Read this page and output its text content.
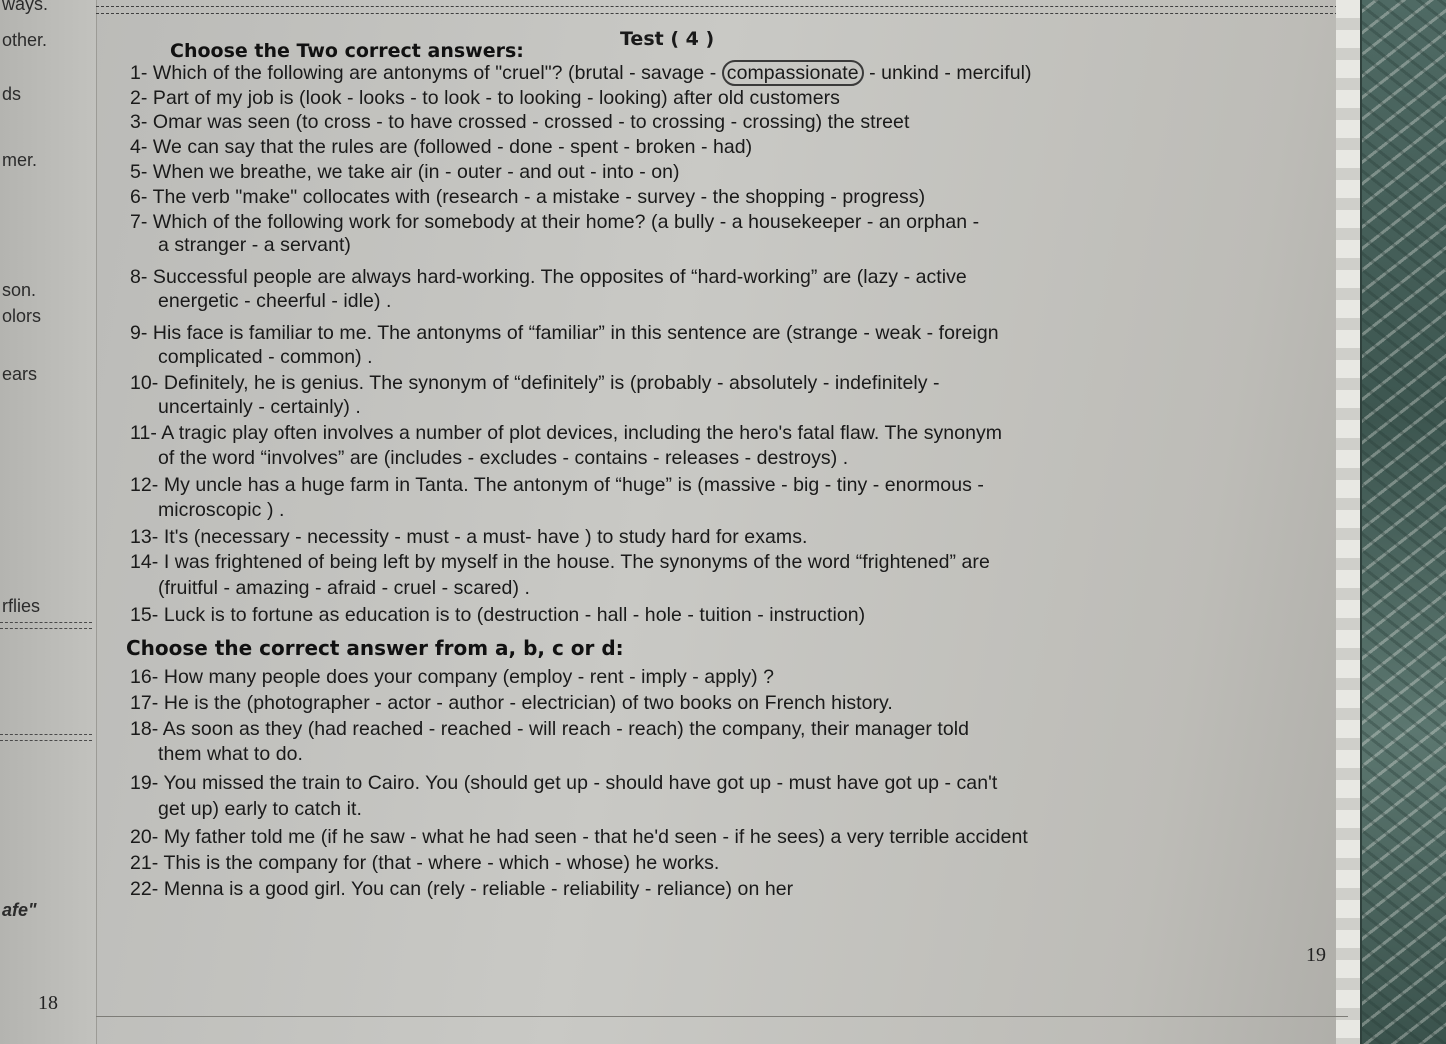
ways.
other.
ds
mer.
son.
olors
ears
rflies
afe"
18
Test ( 4 )
Choose the Two correct answers:
1- Which of the following are antonyms of "cruel"? (brutal - savage - compassionate - unkind - merciful)
2- Part of my job is (look - looks - to look - to looking - looking) after old customers
3- Omar was seen (to cross - to have crossed - crossed - to crossing - crossing) the street
4- We can say that the rules are (followed - done - spent - broken - had)
5- When we breathe, we take air (in - outer - and out - into - on)
6- The verb "make" collocates with (research - a mistake - survey - the shopping - progress)
7- Which of the following work for somebody at their home? (a bully - a housekeeper - an orphan -
a stranger - a servant)
8- Successful people are always hard-working. The opposites of “hard-working” are (lazy - active
energetic - cheerful - idle) .
9- His face is familiar to me. The antonyms of “familiar” in this sentence are (strange - weak - foreign
complicated - common) .
10- Definitely, he is genius. The synonym of “definitely” is (probably - absolutely - indefinitely -
uncertainly - certainly) .
11- A tragic play often involves a number of plot devices, including the hero's fatal flaw. The synonym
of the word “involves” are (includes - excludes - contains - releases - destroys) .
12- My uncle has a huge farm in Tanta. The antonym of “huge” is (massive - big - tiny - enormous -
microscopic ) .
13- It's (necessary - necessity - must - a must- have ) to study hard for exams.
14- I was frightened of being left by myself in the house. The synonyms of the word “frightened” are
(fruitful - amazing - afraid - cruel - scared) .
15- Luck is to fortune as education is to (destruction - hall - hole - tuition - instruction)
Choose the correct answer from a, b, c or d:
16- How many people does your company (employ - rent - imply - apply) ?
17- He is the (photographer - actor - author - electrician) of two books on French history.
18- As soon as they (had reached - reached - will reach - reach) the company, their manager told
them what to do.
19- You missed the train to Cairo. You (should get up - should have got up - must have got up - can't
get up) early to catch it.
20- My father told me (if he saw - what he had seen - that he'd seen - if he sees) a very terrible accident
21- This is the company for (that - where - which - whose) he works.
22- Menna is a good girl. You can (rely - reliable - reliability - reliance) on her
19
